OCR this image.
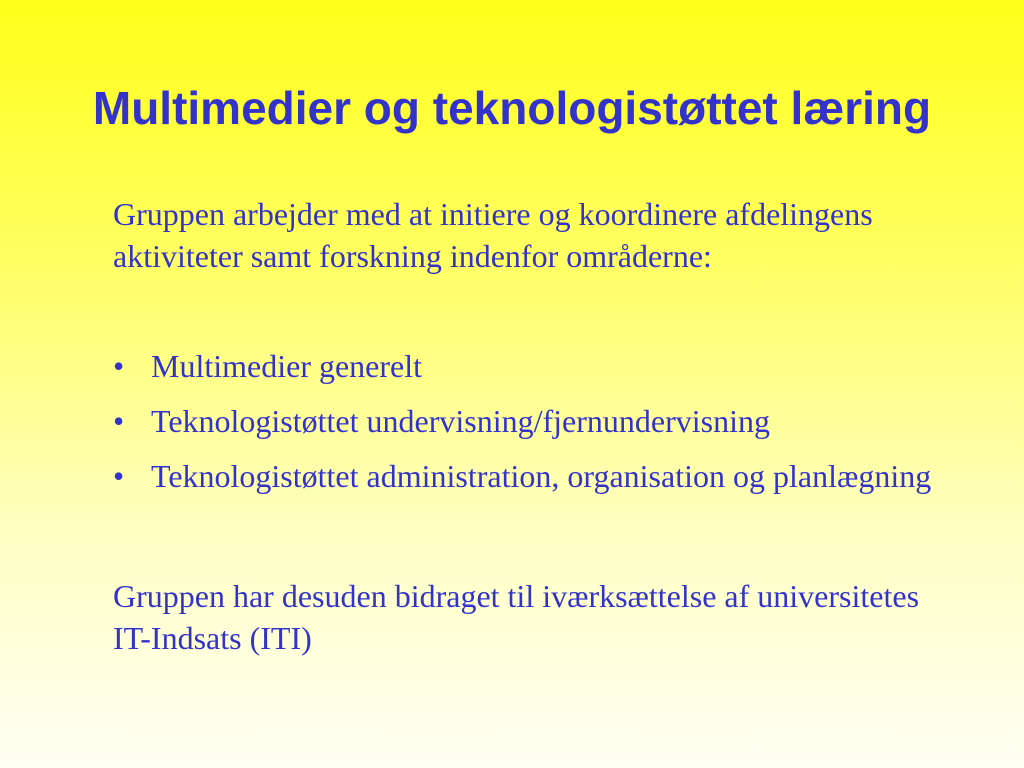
Multimedier og teknologistøttet læring
Gruppen arbejder med at initiere og koordinere afdelingens aktiviteter samt forskning indenfor områderne:
• Multimedier generelt
• Teknologistøttet undervisning/fjernundervisning
• Teknologistøttet administration, organisation og planlægning
Gruppen har desuden bidraget til iværksættelse af universitetes IT-Indsats (ITI)
